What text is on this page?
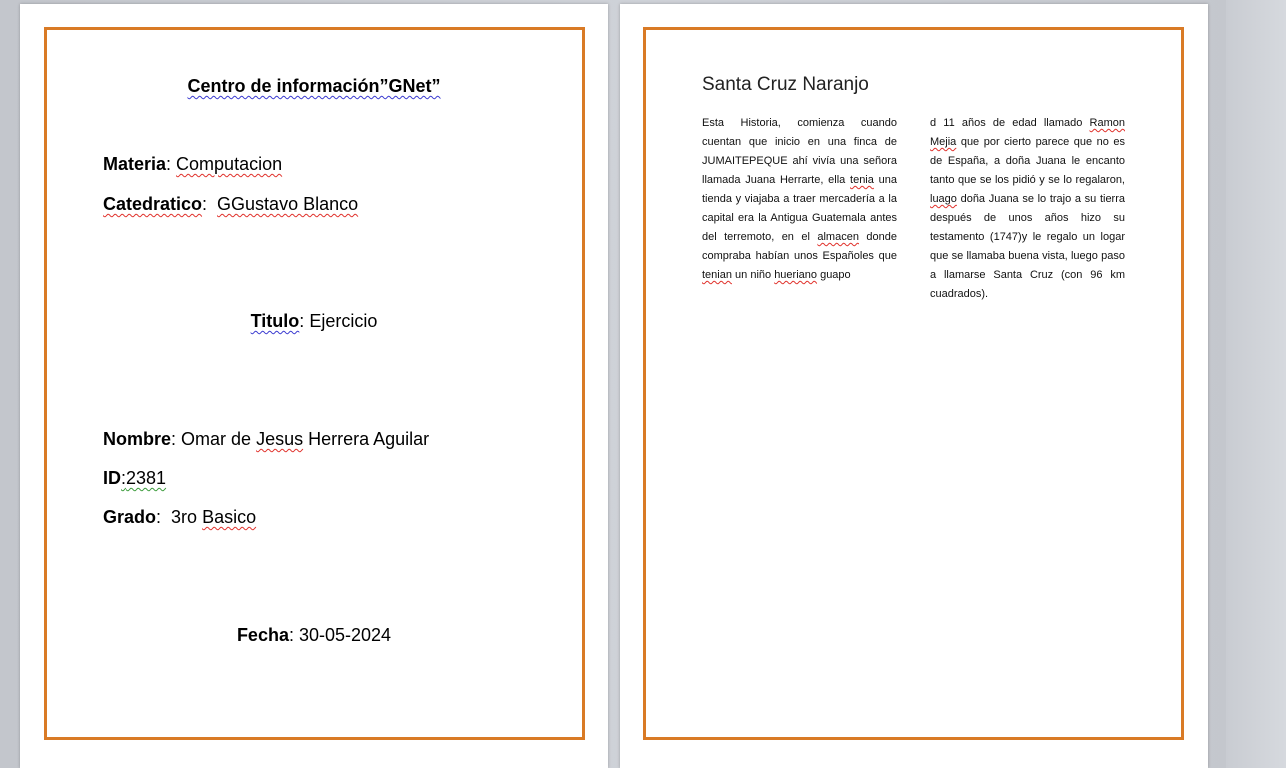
Centro de información”GNet”
Materia: Computacion
Catedratico:  GGustavo Blanco
Titulo: Ejercicio
Nombre: Omar de Jesus Herrera Aguilar
ID:2381
Grado:  3ro Basico
Fecha: 30-05-2024
Santa Cruz Naranjo
Esta Historia, comienza cuando cuentan que inicio en una finca de JUMAITEPEQUE ahí vivía una señora llamada Juana Herrarte, ella tenia una tienda y viajaba a traer mercadería a la capital era la Antigua Guatemala antes del terremoto, en el almacen donde compraba habían unos Españoles que tenian un niño hueriano guapo
d 11 años de edad llamado Ramon Mejia que por cierto parece que no es de España, a doña Juana le encanto tanto que se los pidió y se lo regalaron, luago doña Juana se lo trajo a su tierra después de unos años hizo su testamento (1747)y le regalo un logar que se llamaba buena vista, luego paso a llamarse Santa Cruz (con 96 km cuadrados).
